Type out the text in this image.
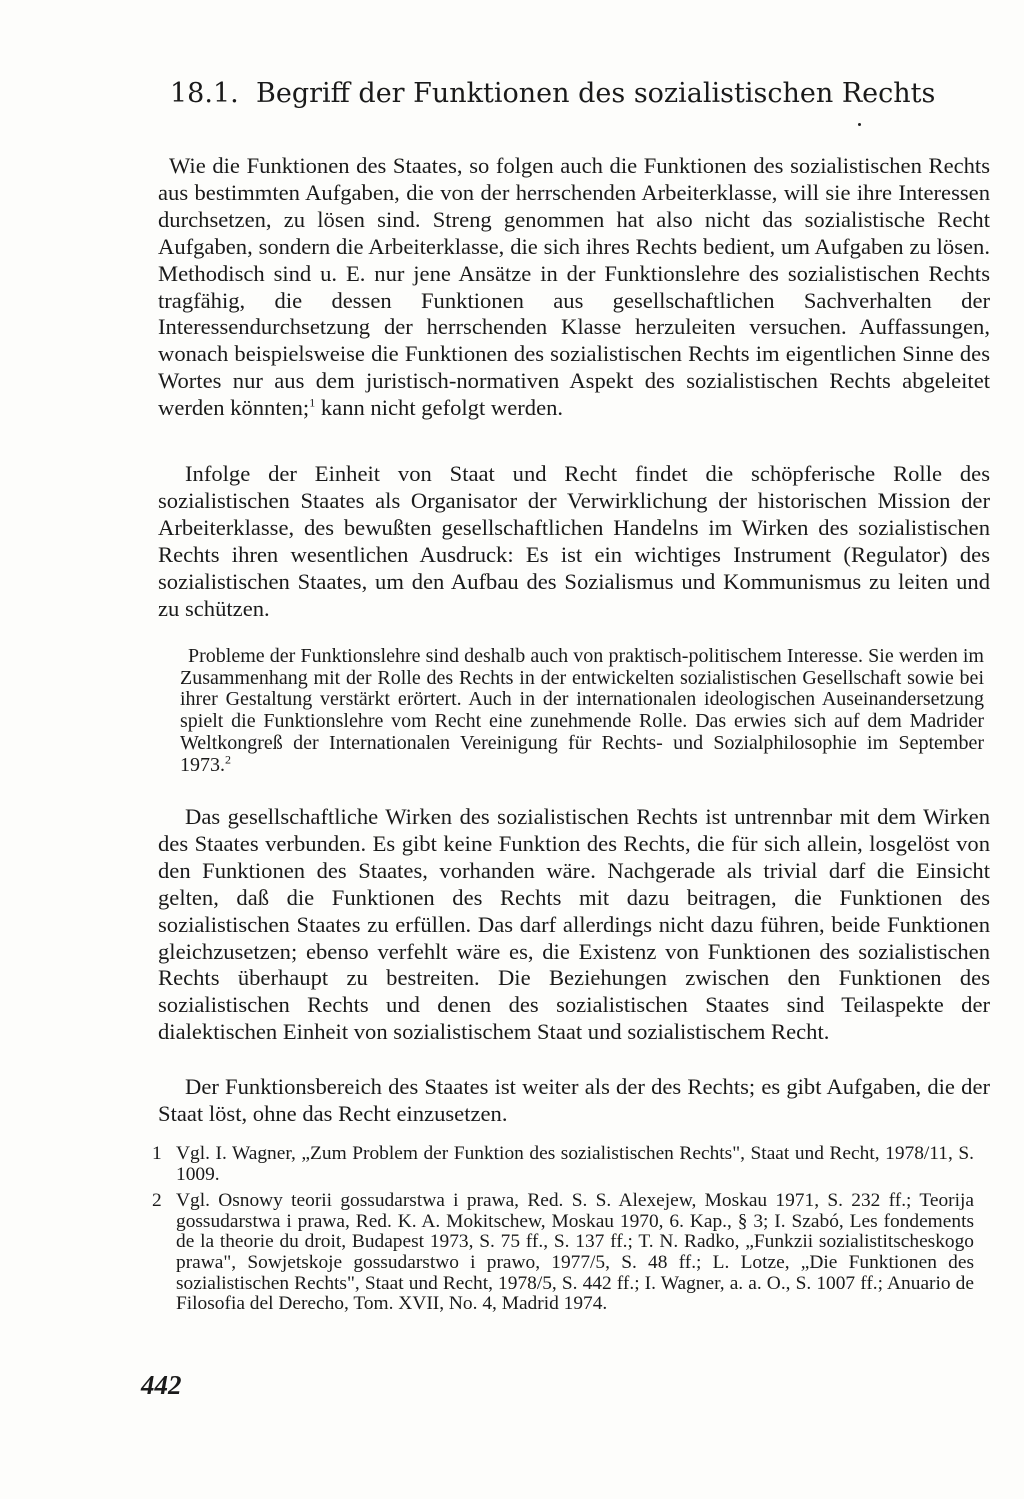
18.1. Begriff der Funktionen des sozialistischen Rechts

Wie die Funktionen des Staates, so folgen auch die Funktionen des sozialistischen Rechts aus bestimmten Aufgaben, die von der herrschenden Arbeiterklasse, will sie ihre Interessen durchsetzen, zu lösen sind. Streng genommen hat also nicht das sozialistische Recht Aufgaben, sondern die Arbeiterklasse, die sich ihres Rechts bedient, um Aufgaben zu lösen. Methodisch sind u. E. nur jene Ansätze in der Funktionslehre des sozialistischen Rechts tragfähig, die dessen Funktionen aus gesellschaftlichen Sachverhalten der Interessendurchsetzung der herrschenden Klasse herzuleiten versuchen. Auffassungen, wonach beispielsweise die Funktionen des sozialistischen Rechts im eigentlichen Sinne des Wortes nur aus dem juristisch-normativen Aspekt des sozialistischen Rechts abgeleitet werden könnten;$^1$ kann nicht gefolgt werden.

Infolge der Einheit von Staat und Recht findet die schöpferische Rolle des sozialistischen Staates als Organisator der Verwirklichung der historischen Mission der Arbeiterklasse, des bewußten gesellschaftlichen Handelns im Wirken des sozialistischen Rechts ihren wesentlichen Ausdruck: Es ist ein wichtiges Instrument (Regulator) des sozialistischen Staates, um den Aufbau des Sozialismus und Kommunismus zu leiten und zu schützen.

Probleme der Funktionslehre sind deshalb auch von praktisch-politischem Interesse. Sie werden im Zusammenhang mit der Rolle des Rechts in der entwickelten sozialistischen Gesellschaft sowie bei ihrer Gestaltung verstärkt erörtert. Auch in der internationalen ideologischen Auseinandersetzung spielt die Funktionslehre vom Recht eine zunehmende Rolle. Das erwies sich auf dem Madrider Weltkongreß der Internationalen Vereinigung für Rechts- und Sozialphilosophie im September 1973.$^2$

Das gesellschaftliche Wirken des sozialistischen Rechts ist untrennbar mit dem Wirken des Staates verbunden. Es gibt keine Funktion des Rechts, die für sich allein, losgelöst von den Funktionen des Staates, vorhanden wäre. Nachgerade als trivial darf die Einsicht gelten, daß die Funktionen des Rechts mit dazu beitragen, die Funktionen des sozialistischen Staates zu erfüllen. Das darf allerdings nicht dazu führen, beide Funktionen gleichzusetzen; ebenso verfehlt wäre es, die Existenz von Funktionen des sozialistischen Rechts überhaupt zu bestreiten. Die Beziehungen zwischen den Funktionen des sozialistischen Rechts und denen des sozialistischen Staates sind Teilaspekte der dialektischen Einheit von sozialistischem Staat und sozialistischem Recht.

Der Funktionsbereich des Staates ist weiter als der des Rechts; es gibt Aufgaben, die der Staat löst, ohne das Recht einzusetzen.

1 Vgl. I. Wagner, „Zum Problem der Funktion des sozialistischen Rechts", Staat und Recht, 1978/11, S. 1009.
2 Vgl. Osnowy teorii gossudarstwa i prawa, Red. S. S. Alexejew, Moskau 1971, S. 232 ff.; Teorija gossudarstwa i prawa, Red. K. A. Mokitschew, Moskau 1970, 6. Kap., § 3; I. Szabó, Les fondements de la theorie du droit, Budapest 1973, S. 75 ff., S. 137 ff.; T. N. Radko, „Funkzii sozialistitscheskogo prawa", Sowjetskoje gossudarstwo i prawo, 1977/5, S. 48 ff.; L. Lotze, „Die Funktionen des sozialistischen Rechts", Staat und Recht, 1978/5, S. 442 ff.; I. Wagner, a. a. O., S. 1007 ff.; Anuario de Filosofia del Derecho, Tom. XVII, No. 4, Madrid 1974.
442
